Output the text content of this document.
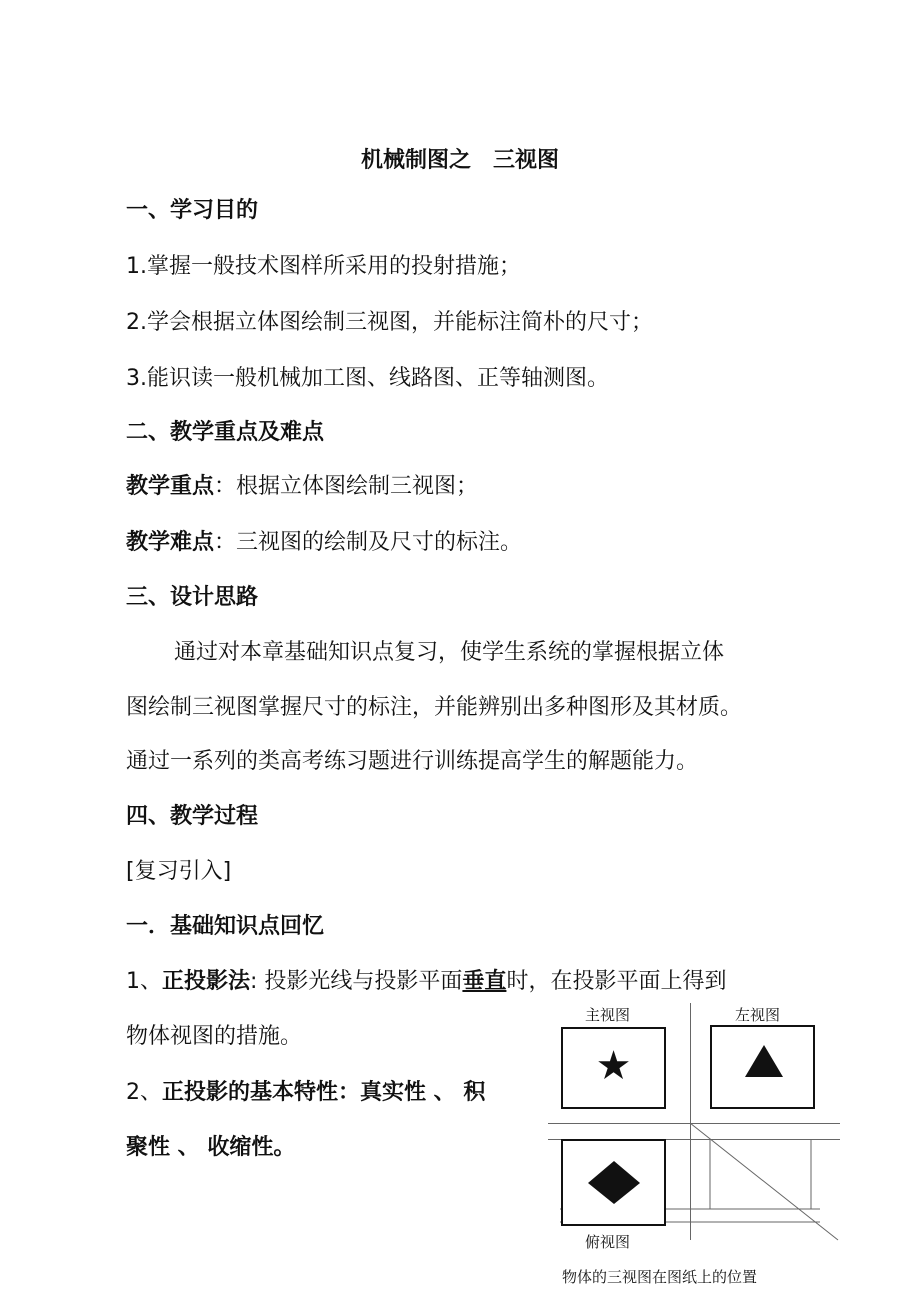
机械制图之　三视图
一、学习目的
1.掌握一般技术图样所采用的投射措施；
2.学会根据立体图绘制三视图，并能标注简朴的尺寸；
3.能识读一般机械加工图、线路图、正等轴测图。
二、教学重点及难点
教学重点：根据立体图绘制三视图；
教学难点：三视图的绘制及尺寸的标注。
三、设计思路
通过对本章基础知识点复习，使学生系统的掌握根据立体
图绘制三视图掌握尺寸的标注，并能辨别出多种图形及其材质。
通过一系列的类高考练习题进行训练提高学生的解题能力。
四、教学过程
[复习引入]
一．基础知识点回忆
1、正投影法: 投影光线与投影平面垂直时，在投影平面上得到
物体视图的措施。
2、正投影的基本特性：真实性 、 积
聚性 、 收缩性。
主视图	左视图
★
俯视图
物体的三视图在图纸上的位置
